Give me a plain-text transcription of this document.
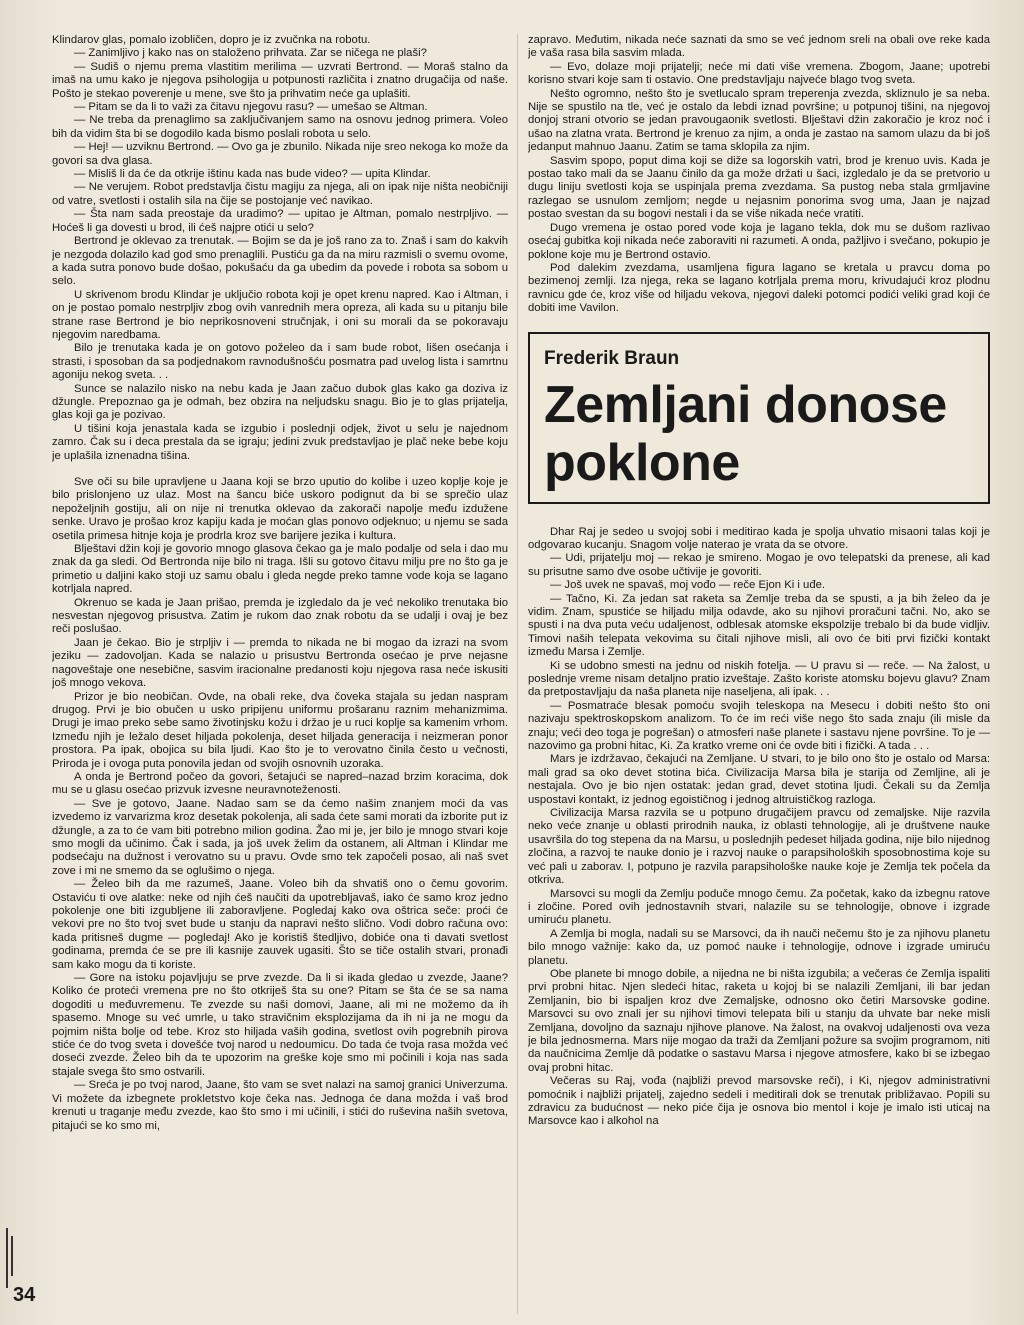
Klindarov glas, pomalo izobličen, dopro je iz zvučnka na robotu.

— Zanimljivo j kako nas on staloženo prihvata. Zar se ničega ne plaši?

— Sudiš o njemu prema vlastitim merilima — uzvrati Bertrond. — Moraš stalno da imaš na umu kako je njegova psihologija u potpunosti različita i znatno drugačija od naše. Pošto je stekao poverenje u mene, sve što ja prihvatim neće ga uplašiti.

— Pitam se da li to važi za čitavu njegovu rasu? — umešao se Altman.

— Ne treba da prenaglimo sa zaključivanjem samo na osnovu jednog primera. Voleo bih da vidim šta bi se dogodilo kada bismo poslali robota u selo.

— Hej! — uzviknu Bertrond. — Ovo ga je zbunilo. Nikada nije sreo nekoga ko može da govori sa dva glasa.

— Misliš li da će da otkrije ištinu kada nas bude video? — upita Klindar.

— Ne verujem. Robot predstavlja čistu magiju za njega, ali on ipak nije ništa neobičniji od vatre, svetlosti i ostalih sila na čije se postojanje već navikao.

— Šta nam sada preostaje da uradimo? — upitao je Altman, pomalo nestrpljivo. — Hoćeš li ga dovesti u brod, ili ćeš najpre otići u selo?

Bertrond je oklevao za trenutak. — Bojim se da je još rano za to. Znaš i sam do kakvih je nezgoda dolazilo kad god smo prenaglili. Pustiću ga da na miru razmisli o svemu ovome, a kada sutra ponovo bude došao, pokušaću da ga ubedim da povede i robota sa sobom u selo.

U skrivenom brodu Klindar je uključio robota koji je opet krenu napred. Kao i Altman, i on je postao pomalo nestrpljiv zbog ovih vanrednih mera opreza, ali kada su u pitanju bile strane rase Bertrond je bio neprikosnoveni stručnjak, i oni su morali da se pokoravaju njegovim naredbama.

Bilo je trenutaka kada je on gotovo poželeo da i sam bude robot, lišen osećanja i strasti, i sposoban da sa podjednakom ravnodušnošću posmatra pad uvelog lista i samrtnu agoniju nekog sveta. . .

Sunce se nalazilo nisko na nebu kada je Jaan začuo dubok glas kako ga doziva iz džungle. Prepoznao ga je odmah, bez obzira na neljudsku snagu. Bio je to glas prijatelja, glas koji ga je pozivao.

U tišini koja jenastala kada se izgubio i poslednji odjek, život u selu je najednom zamro. Čak su i deca prestala da se igraju; jedini zvuk predstavljao je plač neke bebe koju je uplašila iznenadna tišina.

Sve oči su bile upravljene u Jaana koji se brzo uputio do kolibe i uzeo koplje koje je bilo prislonjeno uz ulaz. Most na šancu biće uskoro podignut da bi se sprečio ulaz nepoželjnih gostiju, ali on nije ni trenutka oklevao da zakorači napolje među izdužene senke. Uravo je prošao kroz kapiju kada je moćan glas ponovo odjeknuo; u njemu se sada osetila primesa hitnje koja je prodrla kroz sve barijere jezika i kultura.

Blještavi džin koji je govorio mnogo glasova čekao ga je malo podalje od sela i dao mu znak da ga sledi. Od Bertronda nije bilo ni traga. Išli su gotovo čitavu milju pre no što ga je primetio u daljini kako stoji uz samu obalu i gleda negde preko tamne vode koja se lagano kotrljala napred.

Okrenuo se kada je Jaan prišao, premda je izgledalo da je već nekoliko trenutaka bio nesvestan njegovog prisustva. Zatim je rukom dao znak robotu da se udalji i ovaj je bez reči poslušao.

Jaan je čekao. Bio je strpljiv i — premda to nikada ne bi mogao da izrazi na svom jeziku — zadovoljan. Kada se nalazio u prisustvu Bertronda osećao je prve nejasne nagoveštaje one nesebične, sasvim iracionalne predanosti koju njegova rasa neće iskusiti još mnogo vekova.

Prizor je bio neobičan. Ovde, na obali reke, dva čoveka stajala su jedan naspram drugog. Prvi je bio obučen u usko pripijenu uniformu prošaranu raznim mehanizmima. Drugi je imao preko sebe samo životinjsku kožu i držao je u ruci koplje sa kamenim vrhom. Između njih je ležalo deset hiljada pokolenja, deset hiljada generacija i neizmeran ponor prostora. Pa ipak, obojica su bila ljudi. Kao što je to verovatno činila često u večnosti, Priroda je i ovoga puta ponovila jedan od svojih osnovnih uzoraka.

A onda je Bertrond počeo da govori, šetajući se napred–nazad brzim koracima, dok mu se u glasu osećao prizvuk izvesne neuravnoteženosti.

— Sve je gotovo, Jaane. Nadao sam se da ćemo našim znanjem moći da vas izvedemo iz varvarizma kroz desetak pokolenja, ali sada ćete sami morati da izborite put iz džungle, a za to će vam biti potrebno milion godina. Žao mi je, jer bilo je mnogo stvari koje smo mogli da učinimo. Čak i sada, ja još uvek želim da ostanem, ali Altman i Klindar me podsećaju na dužnost i verovatno su u pravu. Ovde smo tek započeli posao, ali naš svet zove i mi ne smemo da se oglušimo o njega.

— Želeo bih da me razumeš, Jaane. Voleo bih da shvatiš ono o čemu govorim. Ostaviću ti ove alatke: neke od njih ćeš naučiti da upotrebljavaš, iako će samo kroz jedno pokolenje one biti izgubljene ili zaboravljene. Pogledaj kako ova oštrica seče: proći će vekovi pre no što tvoj svet bude u stanju da napravi nešto slično. Vodi dobro računa ovo: kada pritisneš dugme — pogledaj! Ako je koristiš štedljivo, dobiće ona ti davati svetlost godinama, premda će se pre ili kasnije zauvek ugasiti. Što se tiče ostalih stvari, pronađi sam kako mogu da ti koriste.

— Gore na istoku pojavljuju se prve zvezde. Da li si ikada gledao u zvezde, Jaane? Koliko će proteći vremena pre no što otkriješ šta su one? Pitam se šta će se sa nama dogoditi u međuvremenu. Te zvezde su naši domovi, Jaane, ali mi ne možemo da ih spasemo. Mnoge su već umrle, u tako stravičnim eksplozijama da ih ni ja ne mogu da pojmim ništa bolje od tebe. Kroz sto hiljada vaših godina, svetlost ovih pogrebnih pirova stiće će do tvog sveta i dovešće tvoj narod u nedoumicu. Do tada će tvoja rasa možda već doseći zvezde. Želeo bih da te upozorim na greške koje smo mi počinili i koja nas sada stajale svega što smo ostvarili.

— Sreća je po tvoj narod, Jaane, što vam se svet nalazi na samoj granici Univerzuma. Vi možete da izbegnete prokletstvo koje čeka nas. Jednoga će dana možda i vaš brod krenuti u traganje među zvezde, kao što smo i mi učinili, i stići do ruševina naših svetova, pitajući se ko smo mi,

zapravo. Međutim, nikada neće saznati da smo se već jednom sreli na obali ove reke kada je vaša rasa bila sasvim mlada.

— Evo, dolaze moji prijatelji; neće mi dati više vremena. Zbogom, Jaane; upotrebi korisno stvari koje sam ti ostavio. One predstavljaju najveće blago tvog sveta.

Nešto ogromno, nešto što je svetlucalo spram treperenja zvezda, skliznulo je sa neba. Nije se spustilo na tle, već je ostalo da lebdi iznad površine; u potpunoj tišini, na njegovoj donjoj strani otvorio se jedan pravougaonik svetlosti. Blještavi džin zakoračio je kroz noć i ušao na zlatna vrata. Bertrond je krenuo za njim, a onda je zastao na samom ulazu da bi još jedanput mahnuo Jaanu. Zatim se tama sklopila za njim.

Sasvim spoро, poput dima koji se diže sa logorskih vatri, brod je krenuo uvis. Kada je postao tako mali da se Jaanu činilo da ga može držati u šaci, izgledalo je da se pretvorio u dugu liniju svetlosti koja se uspinjala prema zvezdama. Sa pustog neba stala grmljavine razlegao se usnulom zemljom; negde u nejasnim ponorima svog uma, Jaan je najzad postao svestan da su bogovi nestali i da se više nikada neće vratiti.

Dugo vremena je ostao pored vode koja je lagano tekla, dok mu se dušom razlivao osećaj gubitka koji nikada neće zaboraviti ni razumeti. A onda, pažljivo i svečano, pokupio je poklone koje mu je Bertrond ostavio.

Pod dalekim zvezdama, usamljena figura lagano se kretala u pravcu doma po bezimenoj zemlji. Iza njega, reka se lagano kotrljala prema moru, krivudajući kroz plodnu ravnicu gde će, kroz više od hiljadu vekova, njegovi daleki potomci podići veliki grad koji će dobiti ime Vavilon.

Frederik Braun
Zemljani donose
poklone

Dhar Raj je sedeo u svojoj sobi i meditirao kada je spolja uhvatio misaoni talas koji je odgovarao kucanju. Snagom volje naterao je vrata da se otvore.

— Udi, prijatelju moj — rekao je smireno. Mogao je ovo telepatski da prenese, ali kad su prisutne samo dve osobe učtivije je govoriti.

— Još uvek ne spavaš, moj vođo — reče Ejon Ki i uđe.

— Tačno, Ki. Za jedan sat raketa sa Zemlje treba da se spusti, a ja bih želeo da je vidim. Znam, spustiće se hiljadu milja odavde, ako su njihovi proračuni tačni. No, ako se spusti i na dva puta veću udaljenost, odblesak atomske ekspolzije trebalo bi da bude vidljiv. Timovi naših telepata vekovima su čitali njihove misli, ali ovo će biti prvi fizički kontakt između Marsa i Zemlje.

Ki se udobno smesti na jednu od niskih fotelja. — U pravu si — reče. — Na žalost, u poslednje vreme nisam detaljno pratio izveštaje. Zašto koriste atomsku bojevu glavu? Znam da pretpostavljaju da naša planeta nije naseljena, ali ipak. . .

— Posmatraće blesak pomoću svojih teleskopa na Mesecu i dobiti nešto što oni nazivaju spektroskopskom analizom. To će im reći više nego što sada znaju (ili misle da znaju; veći deo toga je pogrešan) o atmosferi naše planete i sastavu njene površine. To je — nazovimo ga probni hitac, Ki. Za kratko vreme oni će ovde biti i fizički. A tada . . .

Mars je izdržavao, čekajući na Zemljane. U stvari, to je bilo ono što je ostalo od Marsa: mali grad sa oko devet stotina bića. Civilizacija Marsa bila je starija od Zemljine, ali je nestajala. Ovo je bio njen ostatak: jedan grad, devet stotina ljudi. Čekali su da Zemlja uspostavi kontakt, iz jednog egoističnog i jednog altruističkog razloga.

Civilizacija Marsa razvila se u potpuno drugačijem pravcu od zemaljske. Nije razvila neko veće znanje u oblasti prirodnih nauka, iz oblasti tehnologije, ali je društvene nauke usavršila do tog stepena da na Marsu, u poslednjih pedeset hiljada godina, nije bilo nijednog zločina, a razvoj te nauke donio je i razvoj nauke o parapsiholoških sposobnostima koje su već pali u zaborav. I, potpuno je razvila parapsihološke nauke koje je Zemlja tek počela da otkriva.

Marsovci su mogli da Zemlju poduče mnogo čemu. Za početak, kako da izbegnu ratove i zločine. Pored ovih jednostavnih stvari, nalazile su se tehnologije, obnove i izgrade umiruću planetu.

A Zemlja bi mogla, nadali su se Marsovci, da ih nauči nečemu što je za njihovu planetu bilo mnogo važnije: kako da, uz pomoć nauke i tehnologije, odnove i izgrade umiruću planetu.

Obe planete bi mnogo dobile, a nijedna ne bi ništa izgubila; a večeras će Zemlja ispaliti prvi probni hitac. Njen sledeći hitac, raketa u kojoj bi se nalazili Zemljani, ili bar jedan Zemljanin, bio bi ispaljen kroz dve Zemaljske, odnosno oko četiri Marsovske godine. Marsovci su ovo znali jer su njihovi timovi telepata bili u stanju da uhvate bar neke misli Zemljana, dovoljno da saznaju njihove planove. Na žalost, na ovakvoj udaljenosti ova veza je bila jednosmerna. Mars nije mogao da traži da Zemljani požure sa svojim programom, niti da naučnicima Zemlje dâ podatke o sastavu Marsa i njegove atmosfere, kako bi se izbegao ovaj probni hitac.

Večeras su Raj, vođa (najbliži prevod marsovske reči), i Ki, njegov administrativni pomoćnik i najbliži prijatelj, zajedno sedeli i meditirali dok se trenutak približavao. Popili su zdravicu za budućnost — neko piće čija je osnova bio mentol i koje je imalo isti uticaj na Marsovce kao i alkohol na

34
